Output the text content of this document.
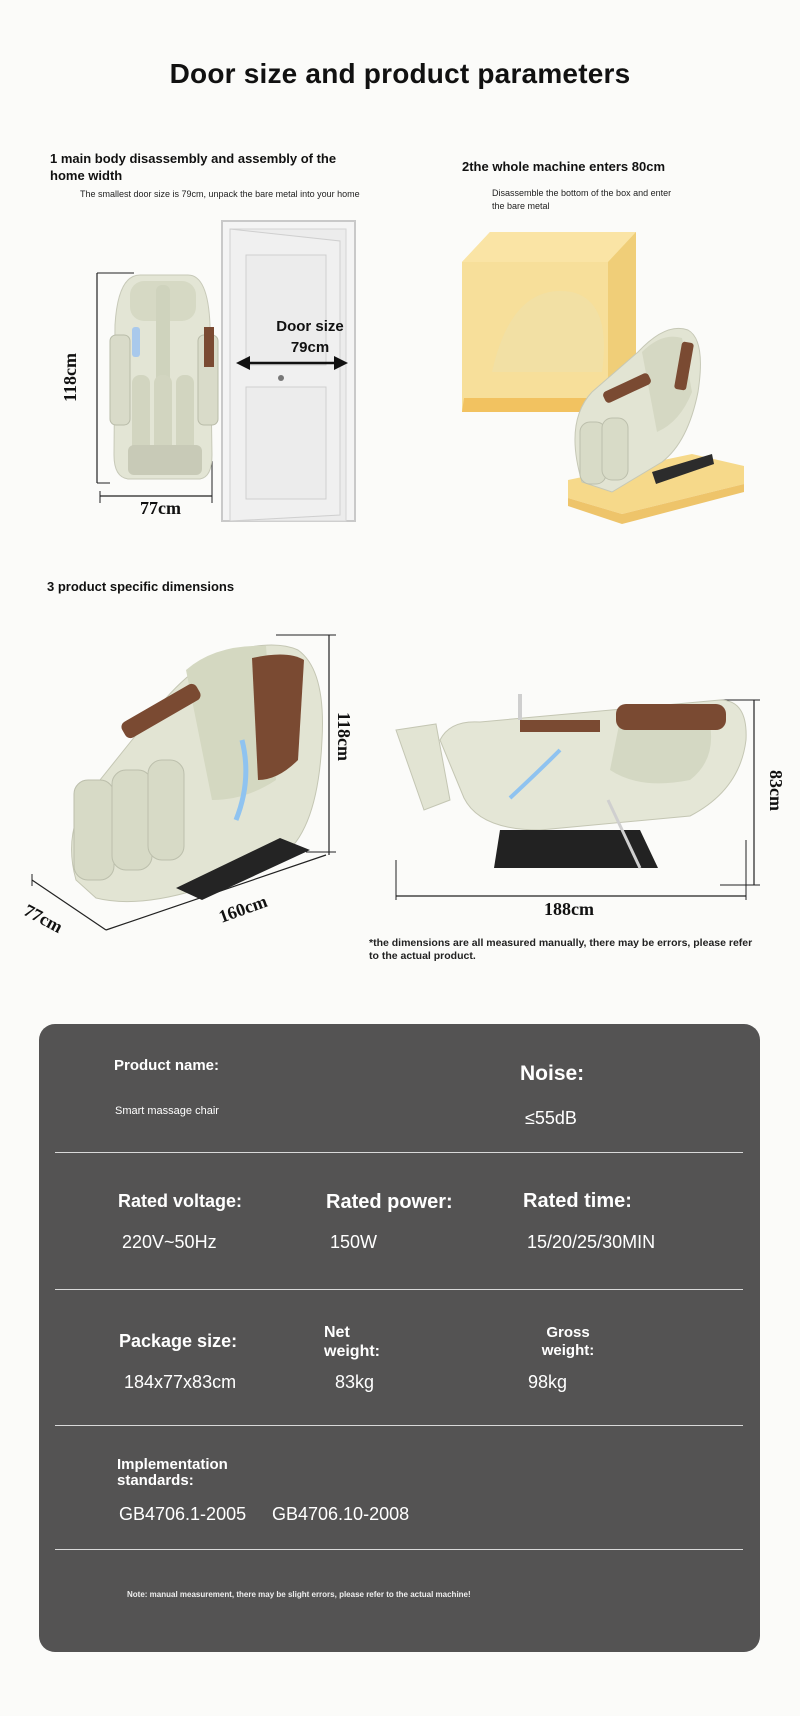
Door size and product parameters
1 main body disassembly and assembly of the home width
The smallest door size is 79cm, unpack the bare metal into your home
118cm
77cm
Door size
79cm
2the whole machine enters 80cm
Disassemble the bottom of the box and enter the bare metal
3 product specific dimensions
118cm
77cm	160cm
83cm
188cm
*the dimensions are all measured manually, there may be errors, please refer to the actual product.
Product name:
Smart massage chair
Noise:
≤55dB
Rated voltage:
220V~50Hz
Rated power:
150W
Rated time:
15/20/25/30MIN
Package size:
184x77x83cm
Net weight:
83kg
Gross weight:
98kg
Implementation standards:
GB4706.1-2005 GB4706.10-2008
Note: manual measurement, there may be slight errors, please refer to the actual machine!
